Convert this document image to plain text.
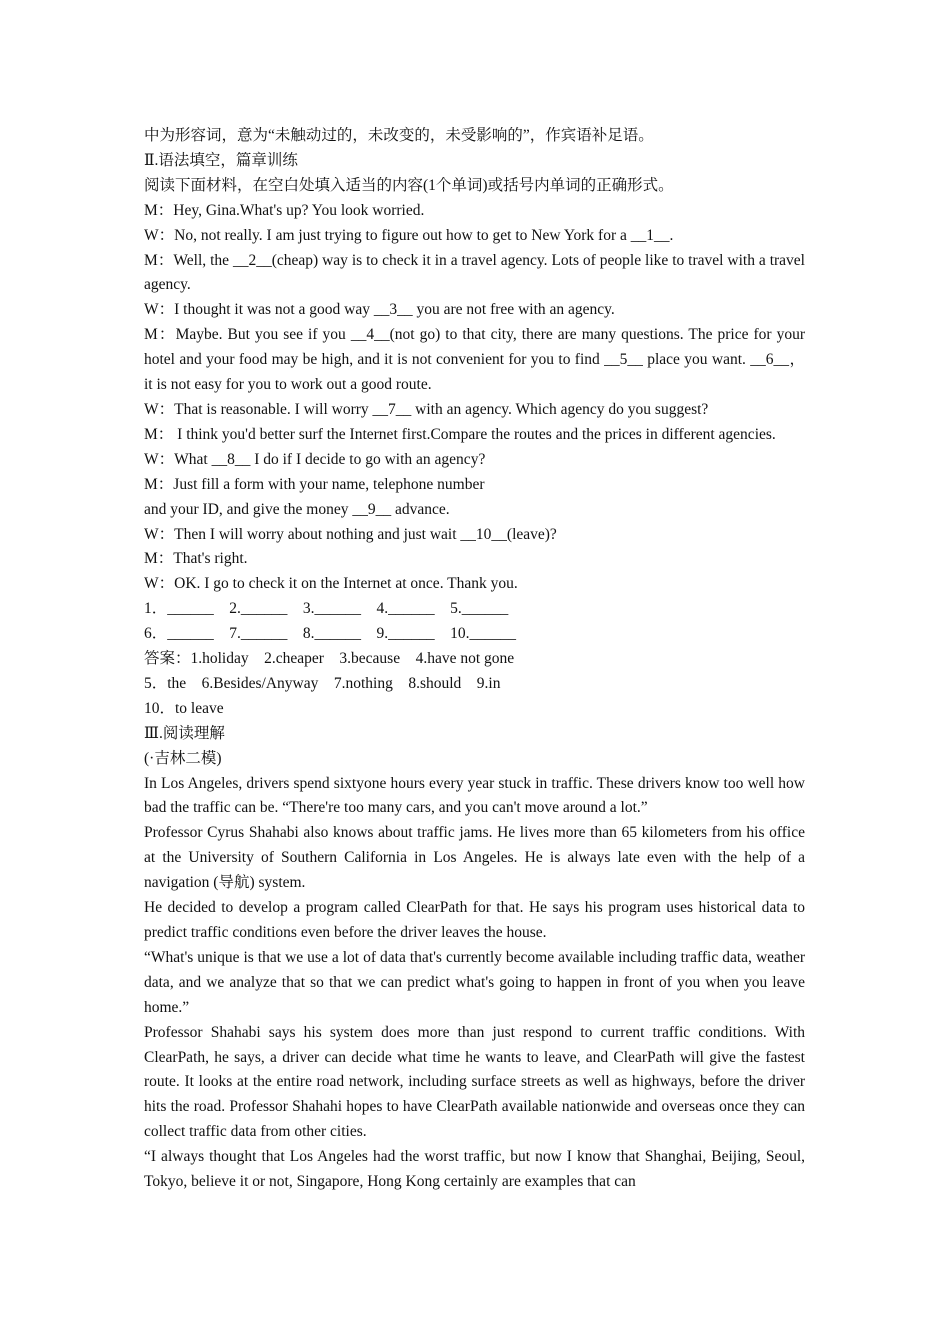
中为形容词，意为“未触动过的，未改变的，未受影响的”，作宾语补足语。
Ⅱ.语法填空，篇章训练
阅读下面材料，在空白处填入适当的内容(1个单词)或括号内单词的正确形式。
M：Hey, Gina.What's up? You look worried.
W：No, not really. I am just trying to figure out how to get to New York for a __1__.
M：Well, the __2__(cheap) way is to check it in a travel agency. Lots of people like to travel with a travel agency.
W：I thought it was not a good way __3__ you are not free with an agency.
M：Maybe. But you see if you __4__(not go) to that city, there are many questions. The price for your hotel and your food may be high, and it is not convenient for you to find __5__ place you want. __6__， it is not easy for you to work out a good route.
W：That is reasonable. I will worry __7__ with an agency. Which agency do you suggest?
M： I think you'd better surf the Internet first.Compare the routes and the prices in different agencies.
W：What __8__ I do if I decide to go with an agency?
M：Just fill a form with your name, telephone number
and your ID, and give the money __9__ advance.
W：Then I will worry about nothing and just wait __10__(leave)?
M：That's right.
W：OK. I go to check it on the Internet at once. Thank you.
1．______    2.______    3.______    4.______    5.______
6．______    7.______    8.______    9.______    10.______
答案：1.holiday    2.cheaper    3.because    4.have not gone
5．the    6.Besides/Anyway    7.nothing    8.should    9.in
10．to leave
Ⅲ.阅读理解
(·吉林二模)
In Los Angeles, drivers spend sixtyone hours every year stuck in traffic. These drivers know too well how bad the traffic can be. “There're too many cars, and you can't move around a lot.”
Professor Cyrus Shahabi also knows about traffic jams. He lives more than 65 kilometers from his office at the University of Southern California in Los Angeles. He is always late even with the help of a navigation (导航) system.
He decided to develop a program called ClearPath for that. He says his program uses historical data to predict traffic conditions even before the driver leaves the house.
“What's unique is that we use a lot of data that's currently become available including traffic data, weather data, and we analyze that so that we can predict what's going to happen in front of you when you leave home.”
Professor Shahabi says his system does more than just respond to current traffic conditions. With ClearPath, he says, a driver can decide what time he wants to leave, and ClearPath will give the fastest route. It looks at the entire road network, including surface streets as well as highways, before the driver hits the road. Professor Shahahi hopes to have ClearPath available nationwide and overseas once they can collect traffic data from other cities.
“I always thought that Los Angeles had the worst traffic, but now I know that Shanghai, Beijing, Seoul, Tokyo, believe it or not, Singapore, Hong Kong certainly are examples that can
